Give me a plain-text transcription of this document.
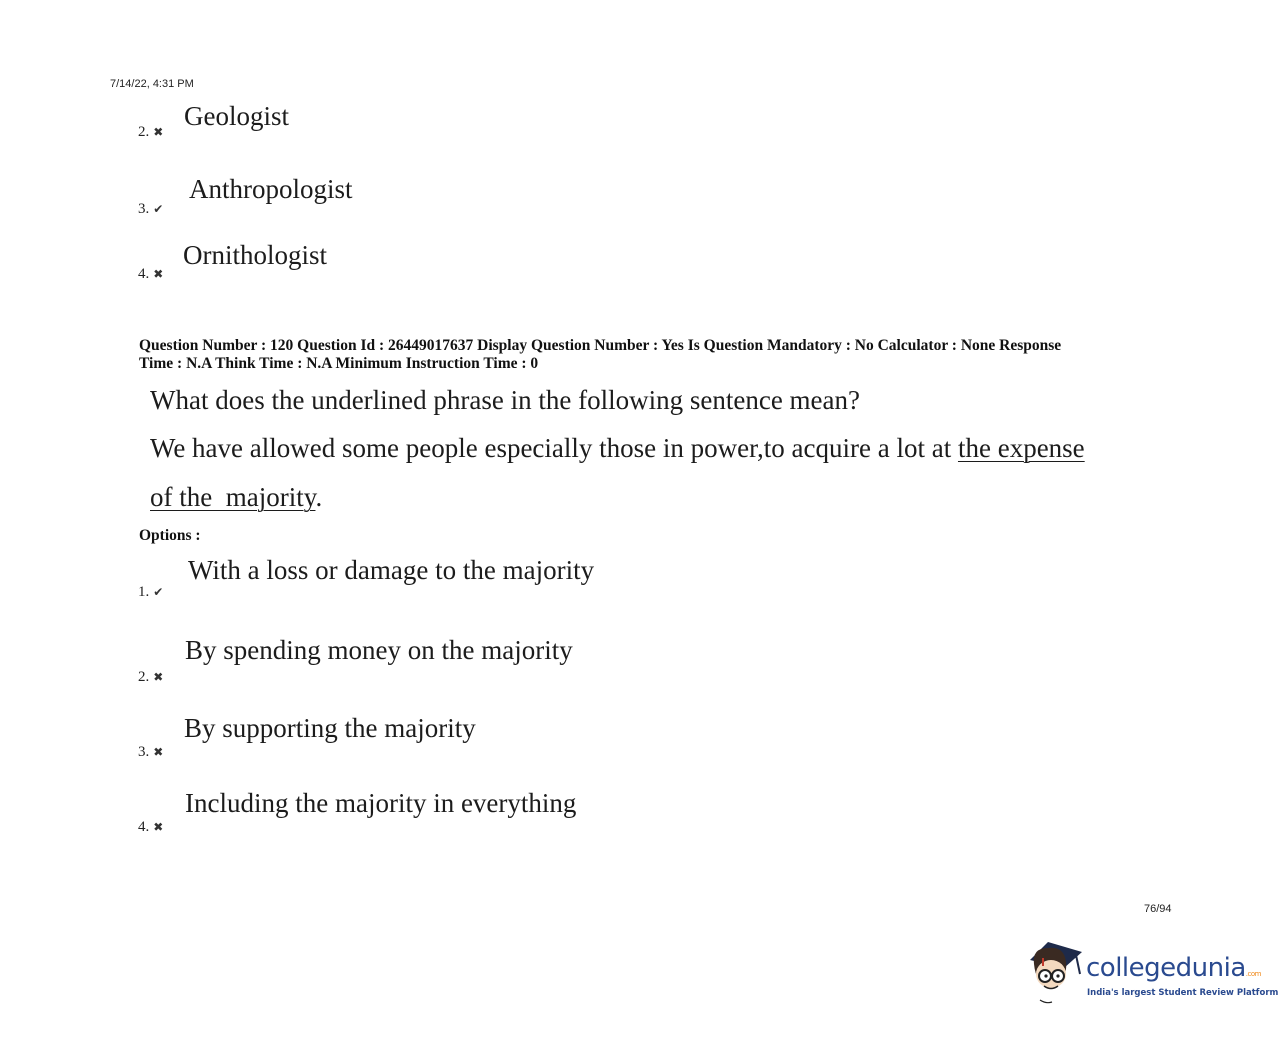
7/14/22, 4:31 PM
Geologist
2. ✖
Anthropologist
3. ✔
Ornithologist
4. ✖
Question Number : 120 Question Id : 26449017637 Display Question Number : Yes Is Question Mandatory : No Calculator : None Response
Time : N.A Think Time : N.A Minimum Instruction Time : 0
What does the underlined phrase in the following sentence mean?
We have allowed some people especially those in power,to acquire a lot at the expense
of the  majority.
Options :
With a loss or damage to the majority
1. ✔
By spending money on the majority
2. ✖
By supporting the majority
3. ✖
Including the majority in everything
4. ✖
76/94
collegedunia.com
India's largest Student Review Platform
